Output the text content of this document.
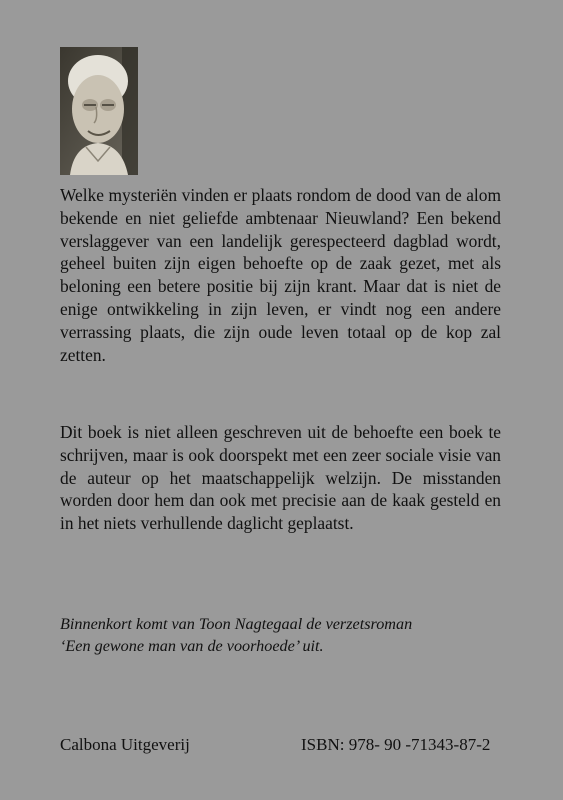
Welke mysteriën vinden er plaats rondom de dood van de alom bekende en niet geliefde ambtenaar Nieuwland? Een bekend verslaggever van een landelijk gerespecteerd dagblad wordt, geheel buiten zijn eigen behoefte op de zaak gezet, met als beloning een betere positie bij zijn krant. Maar dat is niet de enige ontwikkeling in zijn leven, er vindt nog een andere verrassing plaats, die zijn oude leven totaal op de kop zal zetten.

Dit boek is niet alleen geschreven uit de behoefte een boek te schrijven, maar is ook doorspekt met een zeer sociale visie van de auteur op het maatschappelijk welzijn. De misstanden worden door hem dan ook met precisie aan de kaak gesteld en in het niets verhullende daglicht geplaatst.

Binnenkort komt van Toon Nagtegaal de verzetsroman

‘Een gewone man van de voorhoede’ uit.

Calbona Uitgeverij	ISBN: 978- 90 -71343-87-2
